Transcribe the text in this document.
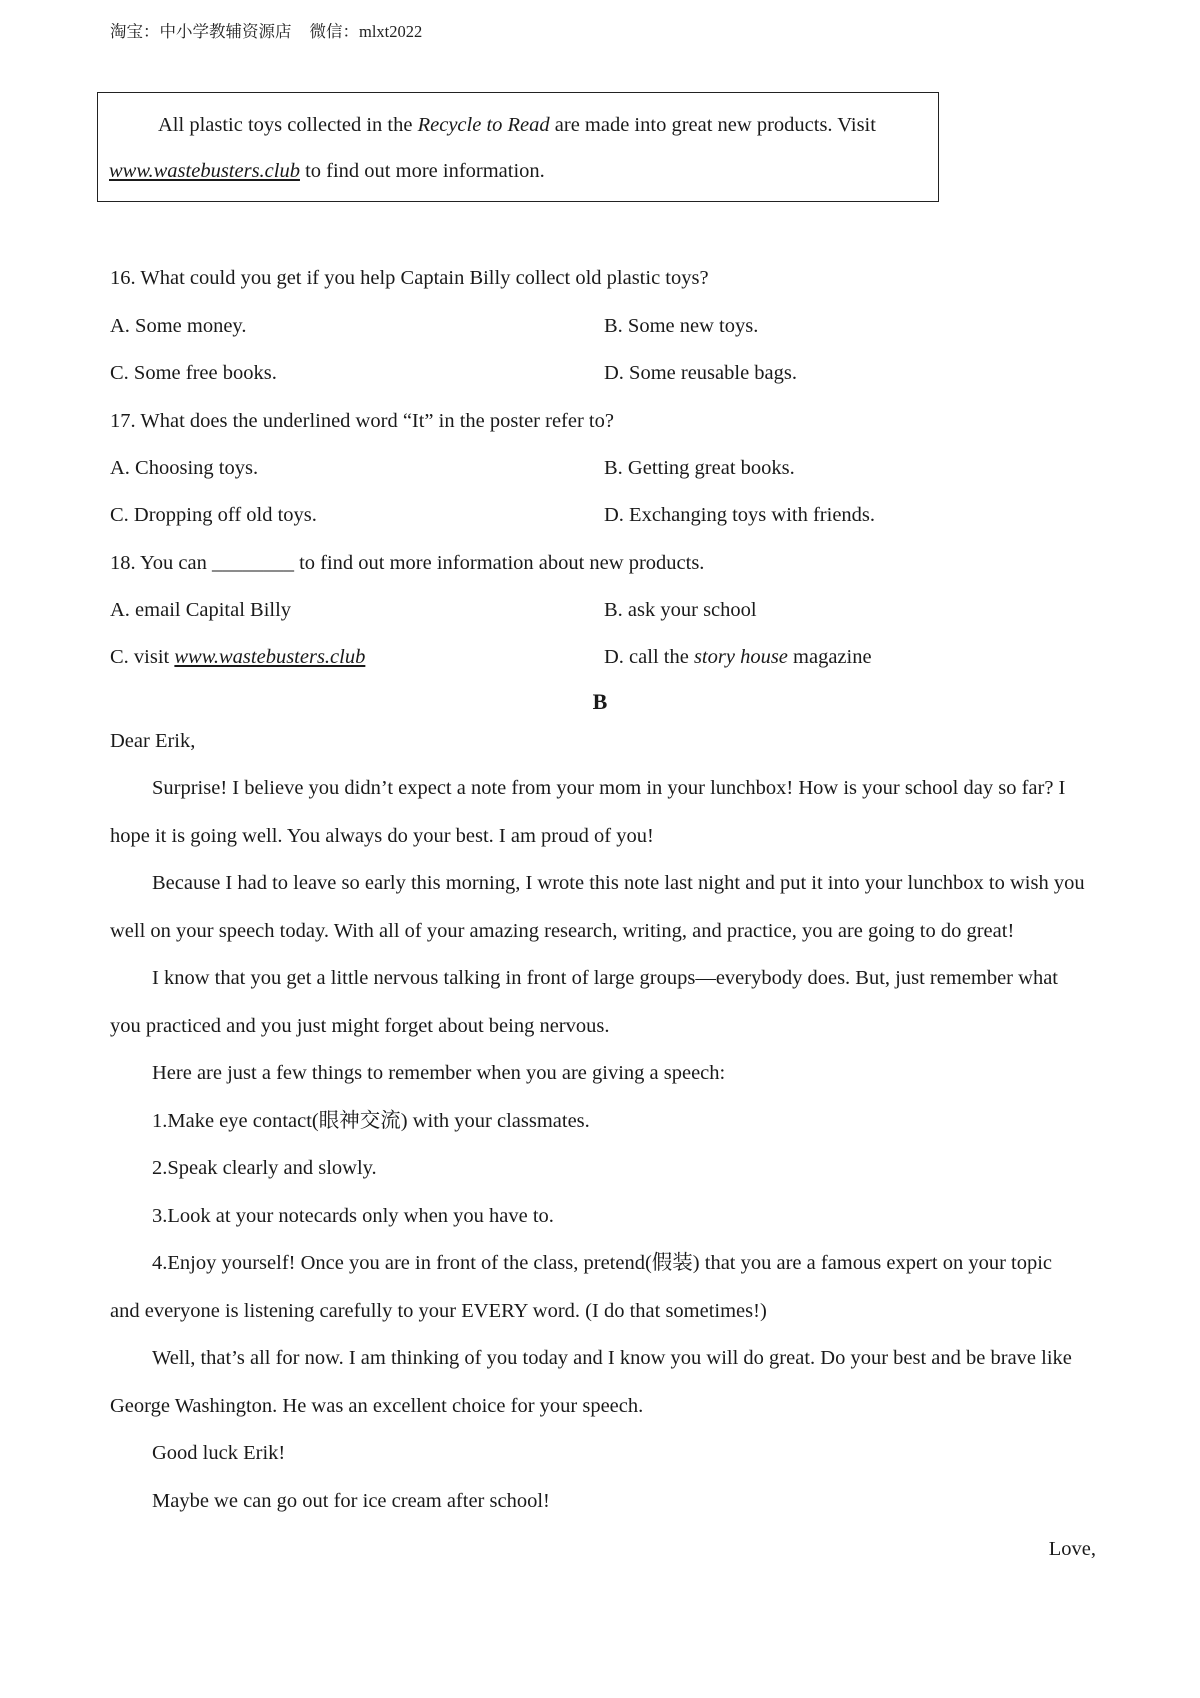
淘宝：中小学教辅资源店 微信：mlxt2022
All plastic toys collected in the Recycle to Read are made into great new products. Visit
www.wastebusters.club to find out more information.
16. What could you get if you help Captain Billy collect old plastic toys?
A. Some money.	B. Some new toys.
C. Some free books.	D. Some reusable bags.
17. What does the underlined word “It” in the poster refer to?
A. Choosing toys.	B. Getting great books.
C. Dropping off old toys.	D. Exchanging toys with friends.
18. You can ________ to find out more information about new products.
A. email Capital Billy	B. ask your school
C. visit www.wastebusters.club	D. call the story house magazine
B
Dear Erik,
Surprise! I believe you didn’t expect a note from your mom in your lunchbox! How is your school day so far? I
hope it is going well. You always do your best. I am proud of you!
Because I had to leave so early this morning, I wrote this note last night and put it into your lunchbox to wish you
well on your speech today. With all of your amazing research, writing, and practice, you are going to do great!
I know that you get a little nervous talking in front of large groups—everybody does. But, just remember what
you practiced and you just might forget about being nervous.
Here are just a few things to remember when you are giving a speech:
1.Make eye contact(眼神交流) with your classmates.
2.Speak clearly and slowly.
3.Look at your notecards only when you have to.
4.Enjoy yourself! Once you are in front of the class, pretend(假装) that you are a famous expert on your topic
and everyone is listening carefully to your EVERY word. (I do that sometimes!)
Well, that’s all for now. I am thinking of you today and I know you will do great. Do your best and be brave like
George Washington. He was an excellent choice for your speech.
Good luck Erik!
Maybe we can go out for ice cream after school!
Love,
